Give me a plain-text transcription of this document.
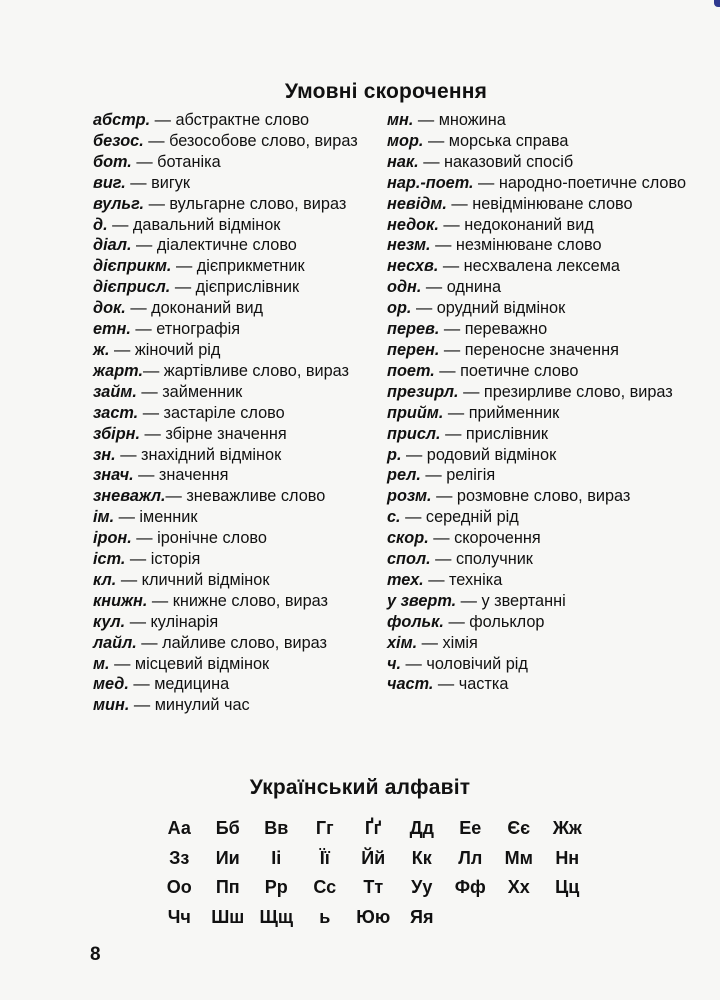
Умовні скорочення
абстр. — абстрактне слово
безос. — безособове слово, вираз
бот. — ботаніка
виг. — вигук
вульг. — вульгарне слово, вираз
д. — давальний відмінок
діал. — діалектичне слово
дієприкм. — дієприкметник
дієприсл. — дієприслівник
док. — доконаний вид
етн. — етнографія
ж. — жіночий рід
жарт.— жартівливе слово, вираз
займ. — займенник
заст. — застаріле слово
збірн. — збірне значення
зн. — знахідний відмінок
знач. — значення
зневажл.— зневажливе слово
ім. — іменник
ірон. — іронічне слово
іст. — історія
кл. — кличний відмінок
книжн. — книжне слово, вираз
кул. — кулінарія
лайл. — лайливе слово, вираз
м. — місцевий відмінок
мед. — медицина
мин. — минулий час
мн. — множина
мор. — морська справа
нак. — наказовий спосіб
нар.-поет. — народно-поетичне слово
невідм. — невідмінюване слово
недок. — недоконаний вид
незм. — незмінюване слово
несхв. — несхвалена лексема
одн. — однина
ор. — орудний відмінок
перев. — переважно
перен. — переносне значення
поет. — поетичне слово
презирл. — презирливе слово, вираз
прийм. — прийменник
присл. — прислівник
р. — родовий відмінок
рел. — релігія
розм. — розмовне слово, вираз
с. — середній рід
скор. — скорочення
спол. — сполучник
тех. — техніка
у зверт. — у звертанні
фольк. — фольклор
хім. — хімія
ч. — чоловічий рід
част. — частка
Український алфавіт
Аа	Бб	Вв	Гг	Ґґ	Дд	Ее	Єє	Жж
Зз	Ии	Іі	Її	Йй	Кк	Лл	Мм	Нн
Оо	Пп	Рр	Сс	Тт	Уу	Фф	Хх	Цц
Чч	Шш Щщ	ь	Юю	Яя
8
